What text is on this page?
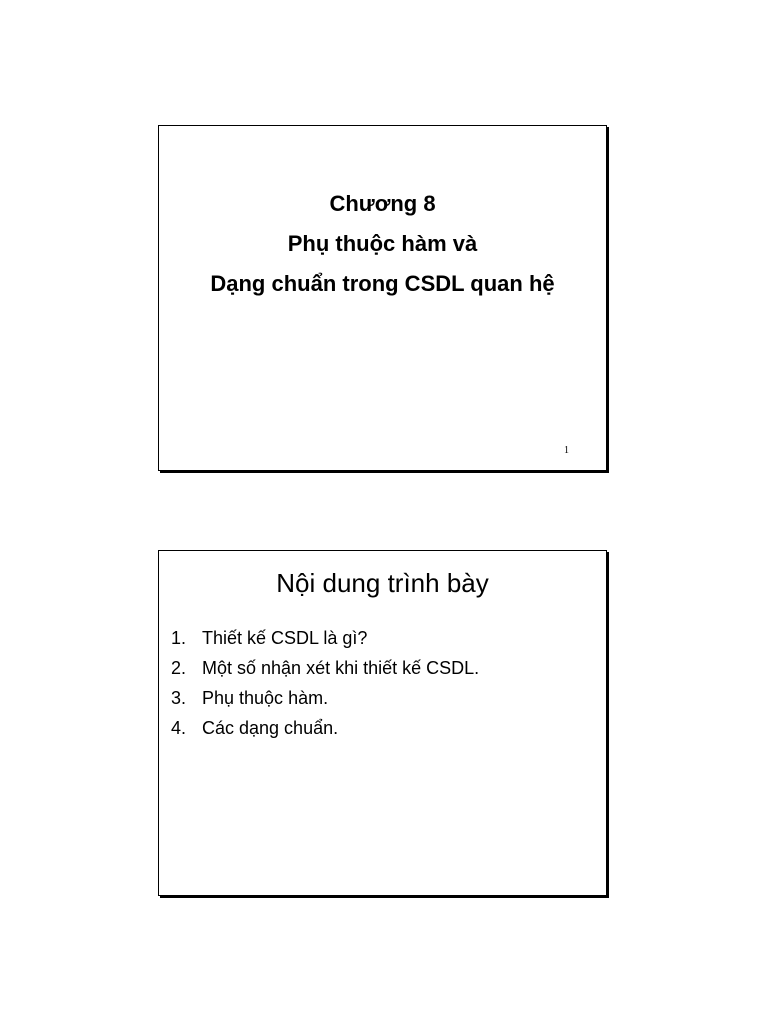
Chương 8
Phụ thuộc hàm và
Dạng chuẩn trong CSDL quan hệ
1
Nội dung trình bày
1. Thiết kế CSDL là gì?
2. Một số nhận xét khi thiết kế CSDL.
3. Phụ thuộc hàm.
4. Các dạng chuẩn.
